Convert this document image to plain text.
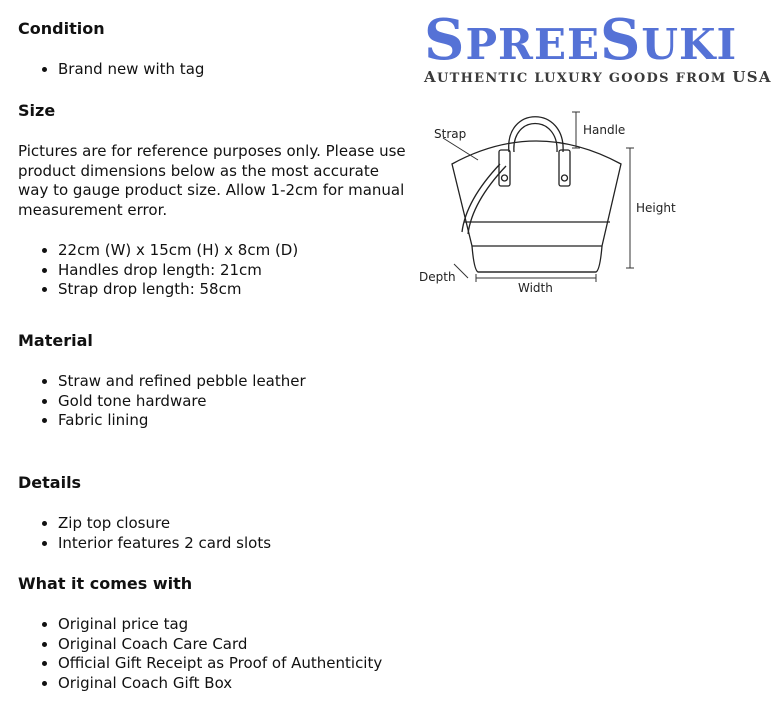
Condition
• Brand new with tag
Size

Pictures are for reference purposes only. Please use product dimensions below as the most accurate way to gauge product size. Allow 1-2cm for manual measurement error.

• 22cm (W) x 15cm (H) x 8cm (D)
• Handles drop length: 21cm
• Strap drop length: 58cm
Material
• Straw and refined pebble leather
• Gold tone hardware
• Fabric lining
Details
• Zip top closure
• Interior features 2 card slots
What it comes with
• Original price tag
• Original Coach Care Card
• Official Gift Receipt as Proof of Authenticity
• Original Coach Gift Box
SPREESUKI
AUTHENTIC LUXURY GOODS FROM USA
Strap	Handle
Height
Depth
Width
